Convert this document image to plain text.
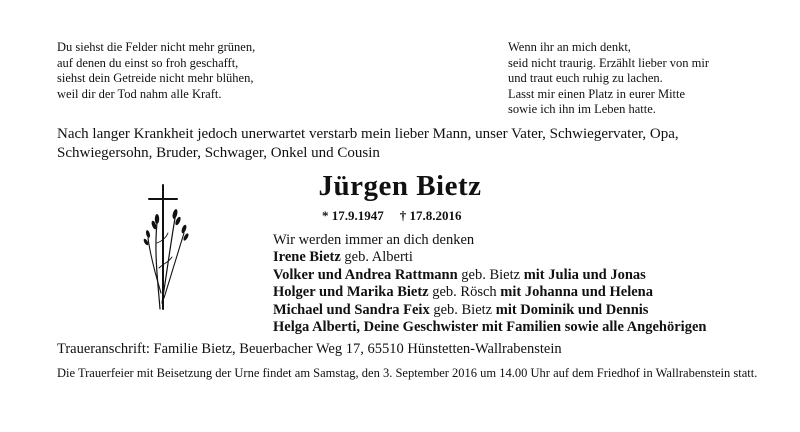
Du siehst die Felder nicht mehr grünen,
auf denen du einst so froh geschafft,
siehst dein Getreide nicht mehr blühen,
weil dir der Tod nahm alle Kraft.
Wenn ihr an mich denkt,
seid nicht traurig. Erzählt lieber von mir
und traut euch ruhig zu lachen.
Lasst mir einen Platz in eurer Mitte
sowie ich ihn im Leben hatte.
Nach langer Krankheit jedoch unerwartet verstarb mein lieber Mann, unser Vater, Schwiegervater, Opa, Schwiegersohn, Bruder, Schwager, Onkel und Cousin
Jürgen Bietz
* 17.9.1947 † 17.8.2016
Wir werden immer an dich denken
Irene Bietz geb. Alberti
Volker und Andrea Rattmann geb. Bietz mit Julia und Jonas
Holger und Marika Bietz geb. Rösch mit Johanna und Helena
Michael und Sandra Feix geb. Bietz mit Dominik und Dennis
Helga Alberti, Deine Geschwister mit Familien sowie alle Angehörigen
Traueranschrift: Familie Bietz, Beuerbacher Weg 17, 65510 Hünstetten-Wallrabenstein
Die Trauerfeier mit Beisetzung der Urne findet am Samstag, den 3. September 2016 um 14.00 Uhr auf dem Friedhof in Wallrabenstein statt.
